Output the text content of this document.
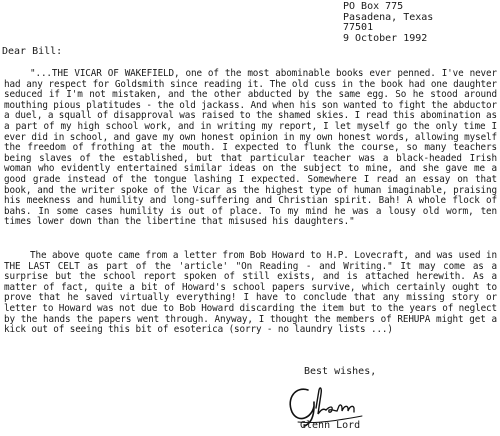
PO Box 775
Pasadena, Texas
77501
9 October 1992
Dear Bill:
"...THE VICAR OF WAKEFIELD, one of the most abominable books ever penned. I've never had any respect for Goldsmith since reading it. The old cuss in the book had one daughter seduced if I'm not mistaken, and the other abducted by the same egg. So he stood around mouthing pious platitudes - the old jackass. And when his son wanted to fight the abductor a duel, a squall of disapproval was raised to the shamed skies. I read this abomination as a part of my high school work, and in writing my report, I let myself go the only time I ever did in school, and gave my own honest opinion in my own honest words, allowing myself the freedom of frothing at the mouth. I expected to flunk the course, so many teachers being slaves of the established, but that particular teacher was a black-headed Irish woman who evidently entertained similar ideas on the subject to mine, and she gave me a good grade instead of the tongue lashing I expected. Somewhere I read an essay on that book, and the writer spoke of the Vicar as the highest type of human imaginable, praising his meekness and humility and long-suffering and Christian spirit. Bah! A whole flock of bahs. In some cases humility is out of place. To my mind he was a lousy old worm, ten times lower down than the libertine that misused his daughters."
The above quote came from a letter from Bob Howard to H.P. Lovecraft, and was used in THE LAST CELT as part of the 'article' "On Reading - and Writing." It may come as a surprise but the school report spoken of still exists, and is attached herewith. As a matter of fact, quite a bit of Howard's school papers survive, which certainly ought to prove that he saved virtually everything! I have to conclude that any missing story or letter to Howard was not due to Bob Howard discarding the item but to the years of neglect by the hands the papers went through. Anyway, I thought the members of REHUPA might get a kick out of seeing this bit of esoterica (sorry - no laundry lists ...)
Best wishes,
Glenn Lord
